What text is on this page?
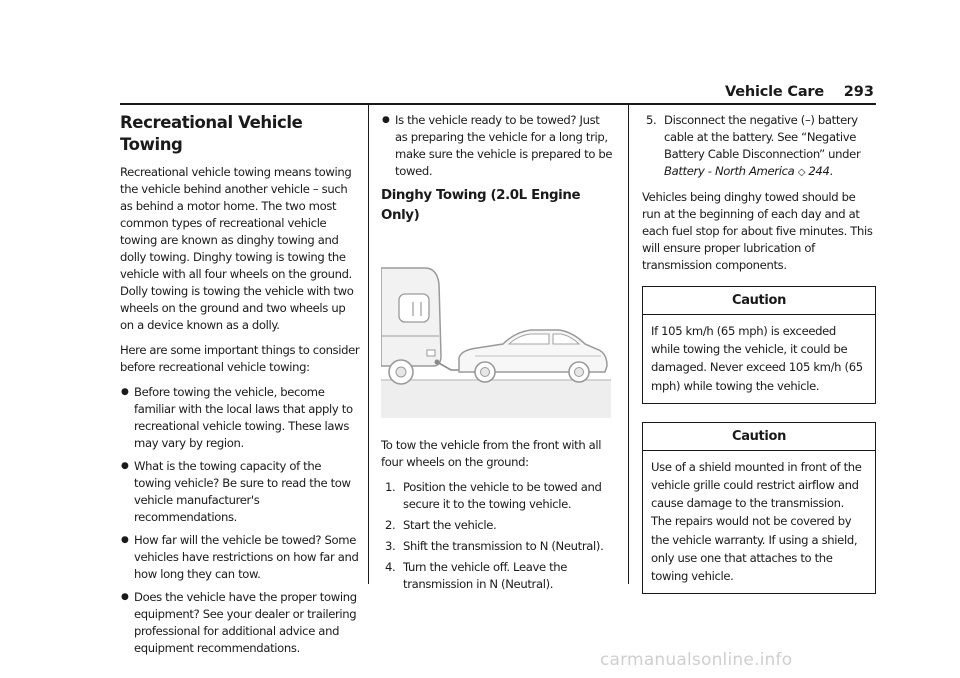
Vehicle Care 293
Recreational Vehicle Towing

Recreational vehicle towing means towing the vehicle behind another vehicle – such as behind a motor home. The two most common types of recreational vehicle towing are known as dinghy towing and dolly towing. Dinghy towing is towing the vehicle with all four wheels on the ground. Dolly towing is towing the vehicle with two wheels on the ground and two wheels up on a device known as a dolly.

Here are some important things to consider before recreational vehicle towing:

● Before towing the vehicle, become familiar with the local laws that apply to recreational vehicle towing. These laws may vary by region.
● What is the towing capacity of the towing vehicle? Be sure to read the tow vehicle manufacturer's recommendations.
● How far will the vehicle be towed? Some vehicles have restrictions on how far and how long they can tow.
● Does the vehicle have the proper towing equipment? See your dealer or trailering professional for additional advice and equipment recommendations.
● Is the vehicle ready to be towed? Just as preparing the vehicle for a long trip, make sure the vehicle is prepared to be towed.
Dinghy Towing (2.0L Engine Only)

To tow the vehicle from the front with all four wheels on the ground:

1. Position the vehicle to be towed and secure it to the towing vehicle.
2. Start the vehicle.
3. Shift the transmission to N (Neutral).
4. Turn the vehicle off. Leave the transmission in N (Neutral).
5. Disconnect the negative (–) battery cable at the battery. See “Negative Battery Cable Disconnection” under Battery - North America ◇ 244.

Vehicles being dinghy towed should be run at the beginning of each day and at each fuel stop for about five minutes. This will ensure proper lubrication of transmission components.

Caution
If 105 km/h (65 mph) is exceeded while towing the vehicle, it could be damaged. Never exceed 105 km/h (65 mph) while towing the vehicle.
Caution
Use of a shield mounted in front of the vehicle grille could restrict airflow and cause damage to the transmission. The repairs would not be covered by the vehicle warranty. If using a shield, only use one that attaches to the towing vehicle.
carmanualsonline.info
